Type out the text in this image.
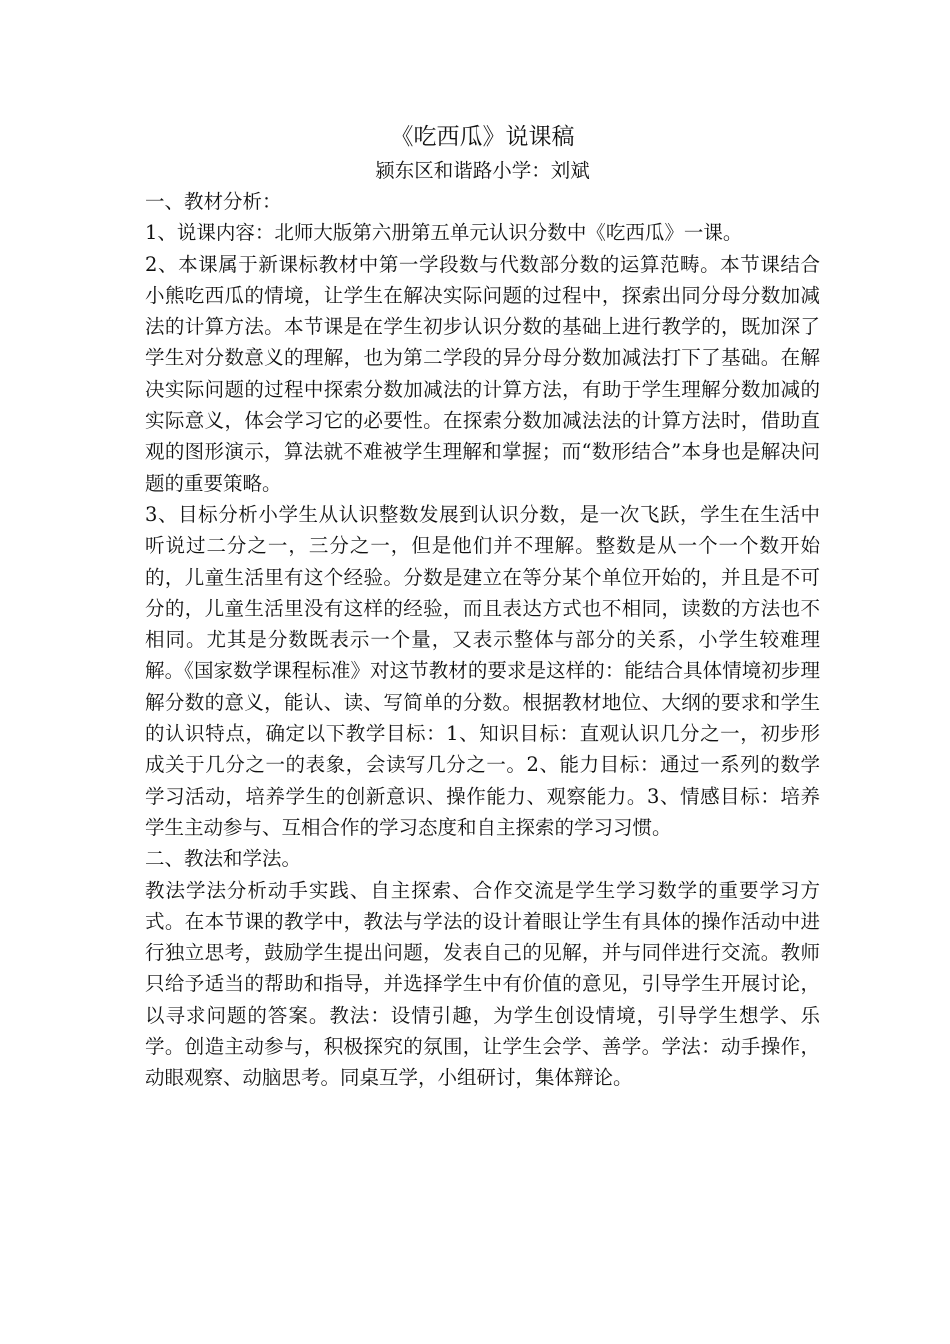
《吃西瓜》说课稿

颍东区和谐路小学：刘斌

一、教材分析：

1、说课内容：北师大版第六册第五单元认识分数中《吃西瓜》一课。

2、本课属于新课标教材中第一学段数与代数部分数的运算范畴。本节课结合小熊吃西瓜的情境，让学生在解决实际问题的过程中，探索出同分母分数加减法的计算方法。本节课是在学生初步认识分数的基础上进行教学的，既加深了学生对分数意义的理解，也为第二学段的异分母分数加减法打下了基础。在解决实际问题的过程中探索分数加减法的计算方法，有助于学生理解分数加减的实际意义，体会学习它的必要性。在探索分数加减法法的计算方法时，借助直观的图形演示，算法就不难被学生理解和掌握；而“数形结合”本身也是解决问题的重要策略。

3、目标分析小学生从认识整数发展到认识分数，是一次飞跃，学生在生活中听说过二分之一，三分之一，但是他们并不理解。整数是从一个一个数开始的，儿童生活里有这个经验。分数是建立在等分某个单位开始的，并且是不可分的，儿童生活里没有这样的经验，而且表达方式也不相同，读数的方法也不相同。尤其是分数既表示一个量，又表示整体与部分的关系，小学生较难理解。《国家数学课程标准》对这节教材的要求是这样的：能结合具体情境初步理解分数的意义，能认、读、写简单的分数。根据教材地位、大纲的要求和学生的认识特点，确定以下教学目标：1、知识目标：直观认识几分之一，初步形成关于几分之一的表象，会读写几分之一。2、能力目标：通过一系列的数学学习活动，培养学生的创新意识、操作能力、观察能力。3、情感目标：培养学生主动参与、互相合作的学习态度和自主探索的学习习惯。

二、教法和学法。

教法学法分析动手实践、自主探索、合作交流是学生学习数学的重要学习方式。在本节课的教学中，教法与学法的设计着眼让学生有具体的操作活动中进行独立思考，鼓励学生提出问题，发表自己的见解，并与同伴进行交流。教师只给予适当的帮助和指导，并选择学生中有价值的意见，引导学生开展讨论，以寻求问题的答案。教法：设情引趣，为学生创设情境，引导学生想学、乐学。创造主动参与，积极探究的氛围，让学生会学、善学。学法：动手操作，动眼观察、动脑思考。同桌互学，小组研讨，集体辩论。
